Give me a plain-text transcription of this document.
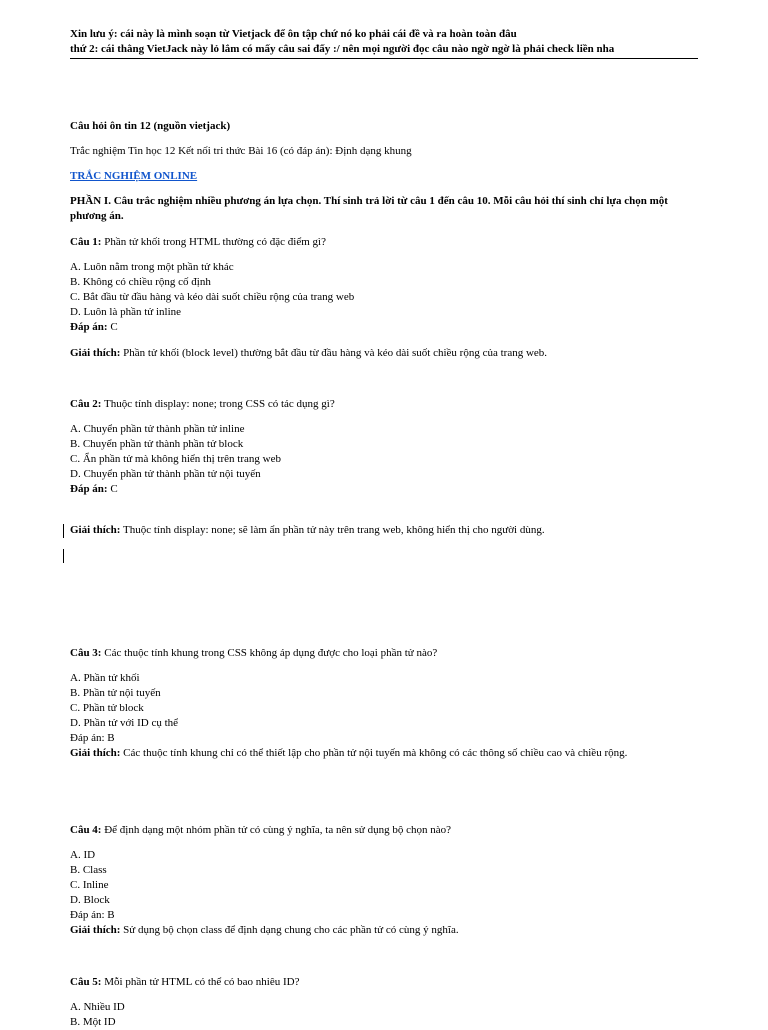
Xin lưu ý: cái này là mình soạn từ Vietjack để ôn tập chứ nó ko phải cái đề và ra hoàn toàn đâu
thứ 2: cái thằng VietJack này lỏ lắm có mấy câu sai đấy :/ nên mọi người đọc câu nào ngờ ngờ là phải check liền nha
Câu hỏi ôn tin 12 (nguồn vietjack)
Trắc nghiệm Tin học 12 Kết nối tri thức Bài 16 (có đáp án): Định dạng khung
TRẮC NGHIỆM ONLINE
PHẦN I. Câu trắc nghiệm nhiều phương án lựa chọn. Thí sinh trả lời từ câu 1 đến câu 10. Mỗi câu hỏi thí sinh chỉ lựa chọn một phương án.
Câu 1: Phần tử khối trong HTML thường có đặc điểm gì?
A. Luôn nằm trong một phần tử khác
B. Không có chiều rộng cố định
C. Bắt đầu từ đầu hàng và kéo dài suốt chiều rộng của trang web
D. Luôn là phần tử inline
Đáp án: C
Giải thích: Phần tử khối (block level) thường bắt đầu từ đầu hàng và kéo dài suốt chiều rộng của trang web.
Câu 2: Thuộc tính display: none; trong CSS có tác dụng gì?
A. Chuyển phần tử thành phần tử inline
B. Chuyển phần tử thành phần tử block
C. Ẩn phần tử mà không hiển thị trên trang web
D. Chuyển phần tử thành phần tử nội tuyến
Đáp án: C
Giải thích: Thuộc tính display: none; sẽ làm ẩn phần tử này trên trang web, không hiển thị cho người dùng.
Câu 3: Các thuộc tính khung trong CSS không áp dụng được cho loại phần tử nào?
A. Phần tử khối
B. Phần tử nội tuyến
C. Phần tử block
D. Phần tử với ID cụ thể
Đáp án: B
Giải thích: Các thuộc tính khung chỉ có thể thiết lập cho phần tử nội tuyến mà không có các thông số chiều cao và chiều rộng.
Câu 4: Để định dạng một nhóm phần tử có cùng ý nghĩa, ta nên sử dụng bộ chọn nào?
A. ID
B. Class
C. Inline
D. Block
Đáp án: B
Giải thích: Sử dụng bộ chọn class để định dạng chung cho các phần tử có cùng ý nghĩa.
Câu 5: Mỗi phần tử HTML có thể có bao nhiêu ID?
A. Nhiều ID
B. Một ID
